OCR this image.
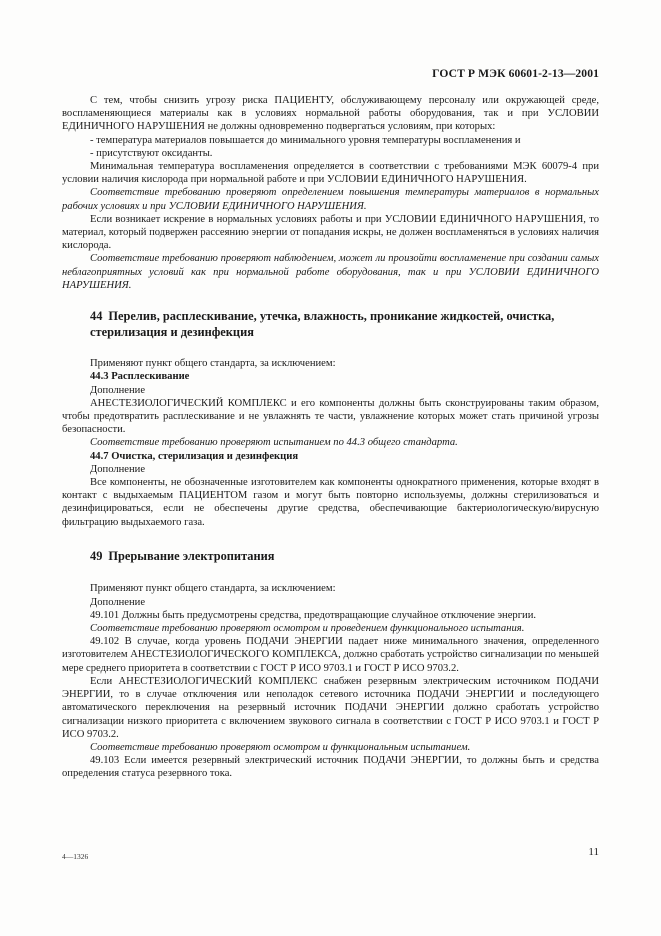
ГОСТ Р МЭК 60601-2-13—2001

С тем, чтобы снизить угрозу риска ПАЦИЕНТУ, обслуживающему персоналу или окружающей среде, воспламеняющиеся материалы как в условиях нормальной работы оборудования, так и при УСЛОВИИ ЕДИНИЧНОГО НАРУШЕНИЯ не должны одновременно подвергаться условиям, при которых:

- температура материалов повышается до минимального уровня температуры воспламенения и

- присутствуют оксиданты.

Минимальная температура воспламенения определяется в соответствии с требованиями МЭК 60079-4 при условии наличия кислорода при нормальной работе и при УСЛОВИИ ЕДИНИЧНОГО НАРУШЕНИЯ.

Соответствие требованию проверяют определением повышения температуры материалов в нормальных рабочих условиях и при УСЛОВИИ ЕДИНИЧНОГО НАРУШЕНИЯ.

Если возникает искрение в нормальных условиях работы и при УСЛОВИИ ЕДИНИЧНОГО НАРУШЕНИЯ, то материал, который подвержен рассеянию энергии от попадания искры, не должен воспламеняться в условиях наличия кислорода.

Соответствие требованию проверяют наблюдением, может ли произойти воспламенение при создании самых неблагоприятных условий как при нормальной работе оборудования, так и при УСЛОВИИ ЕДИНИЧНОГО НАРУШЕНИЯ.

44 Перелив, расплескивание, утечка, влажность, проникание жидкостей, очистка, стерилизация и дезинфекция

Применяют пункт общего стандарта, за исключением:

44.3 Расплескивание

Дополнение

АНЕСТЕЗИОЛОГИЧЕСКИЙ КОМПЛЕКС и его компоненты должны быть сконструированы таким образом, чтобы предотвратить расплескивание и не увлажнять те части, увлажнение которых может стать причиной угрозы безопасности.

Соответствие требованию проверяют испытанием по 44.3 общего стандарта.

44.7 Очистка, стерилизация и дезинфекция

Дополнение

Все компоненты, не обозначенные изготовителем как компоненты однократного применения, которые входят в контакт с выдыхаемым ПАЦИЕНТОМ газом и могут быть повторно используемы, должны стерилизоваться и дезинфицироваться, если не обеспечены другие средства, обеспечивающие бактериологическую/вирусную фильтрацию выдыхаемого газа.

49 Прерывание электропитания

Применяют пункт общего стандарта, за исключением:

Дополнение

49.101 Должны быть предусмотрены средства, предотвращающие случайное отключение энергии.

Соответствие требованию проверяют осмотром и проведением функционального испытания.

49.102 В случае, когда уровень ПОДАЧИ ЭНЕРГИИ падает ниже минимального значения, определенного изготовителем АНЕСТЕЗИОЛОГИЧЕСКОГО КОМПЛЕКСА, должно сработать устройство сигнализации по меньшей мере среднего приоритета в соответствии с ГОСТ Р ИСО 9703.1 и ГОСТ Р ИСО 9703.2.

Если АНЕСТЕЗИОЛОГИЧЕСКИЙ КОМПЛЕКС снабжен резервным электрическим источником ПОДАЧИ ЭНЕРГИИ, то в случае отключения или неполадок сетевого источника ПОДАЧИ ЭНЕРГИИ и последующего автоматического переключения на резервный источник ПОДАЧИ ЭНЕРГИИ должно сработать устройство сигнализации низкого приоритета с включением звукового сигнала в соответствии с ГОСТ Р ИСО 9703.1 и ГОСТ Р ИСО 9703.2.

Соответствие требованию проверяют осмотром и функциональным испытанием.

49.103 Если имеется резервный электрический источник ПОДАЧИ ЭНЕРГИИ, то должны быть и средства определения статуса резервного тока.

4—1326	11
